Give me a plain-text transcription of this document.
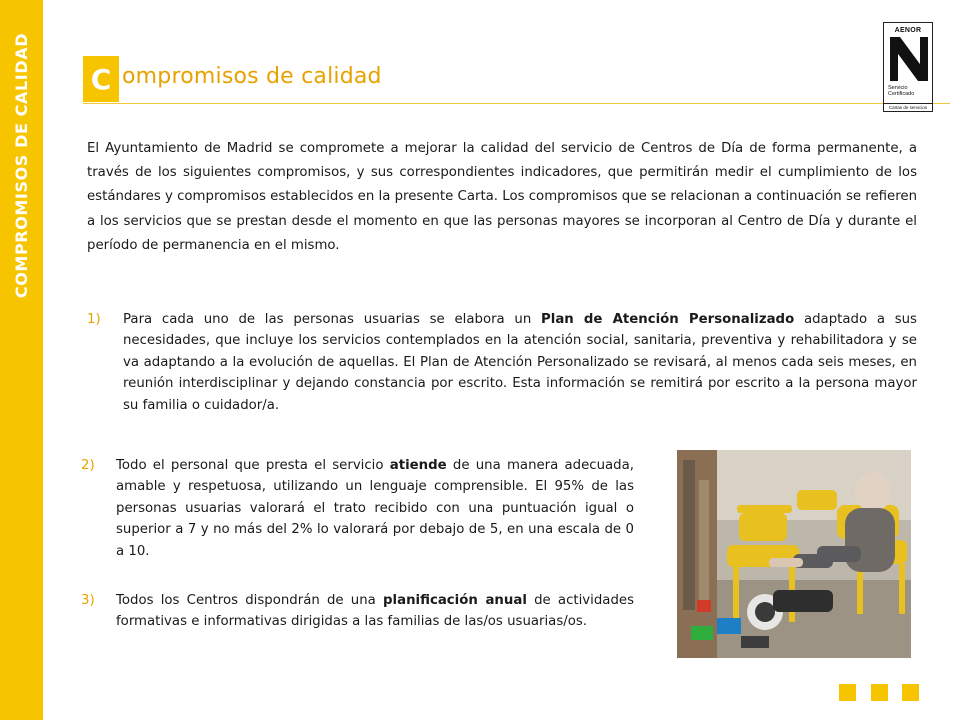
COMPROMISOS DE CALIDAD C ompromisos de calidad
AENOR
Servicio
Certificado
Cartas de servicios
El Ayuntamiento de Madrid se compromete a mejorar la calidad del servicio de Centros de Día de forma permanente, a través de los siguientes compromisos, y sus correspondientes indicadores, que permitirán medir el cumplimiento de los estándares y compromisos establecidos en la presente Carta. Los compromisos que se relacionan a continuación se refieren a los servicios que se prestan desde el momento en que las personas mayores se incorporan al Centro de Día y durante el período de permanencia en el mismo.
1) Para cada uno de las personas usuarias se elabora un Plan de Atención Personalizado adaptado a sus necesidades, que incluye los servicios contemplados en la atención social, sanitaria, preventiva y rehabilitadora y se va adaptando a la evolución de aquellas. El Plan de Atención Personalizado se revisará, al menos cada seis meses, en reunión interdisciplinar y dejando constancia por escrito. Esta información se remitirá por escrito a la persona mayor su familia o cuidador/a.
2) Todo el personal que presta el servicio atiende de una manera adecuada, amable y respetuosa, utilizando un lenguaje comprensible. El 95% de las personas usuarias valorará el trato recibido con una puntuación igual o superior a 7 y no más del 2% lo valorará por debajo de 5, en una escala de 0 a 10.
3) Todos los Centros dispondrán de una planificación anual de actividades formativas e informativas dirigidas a las familias de las/os usuarias/os.
